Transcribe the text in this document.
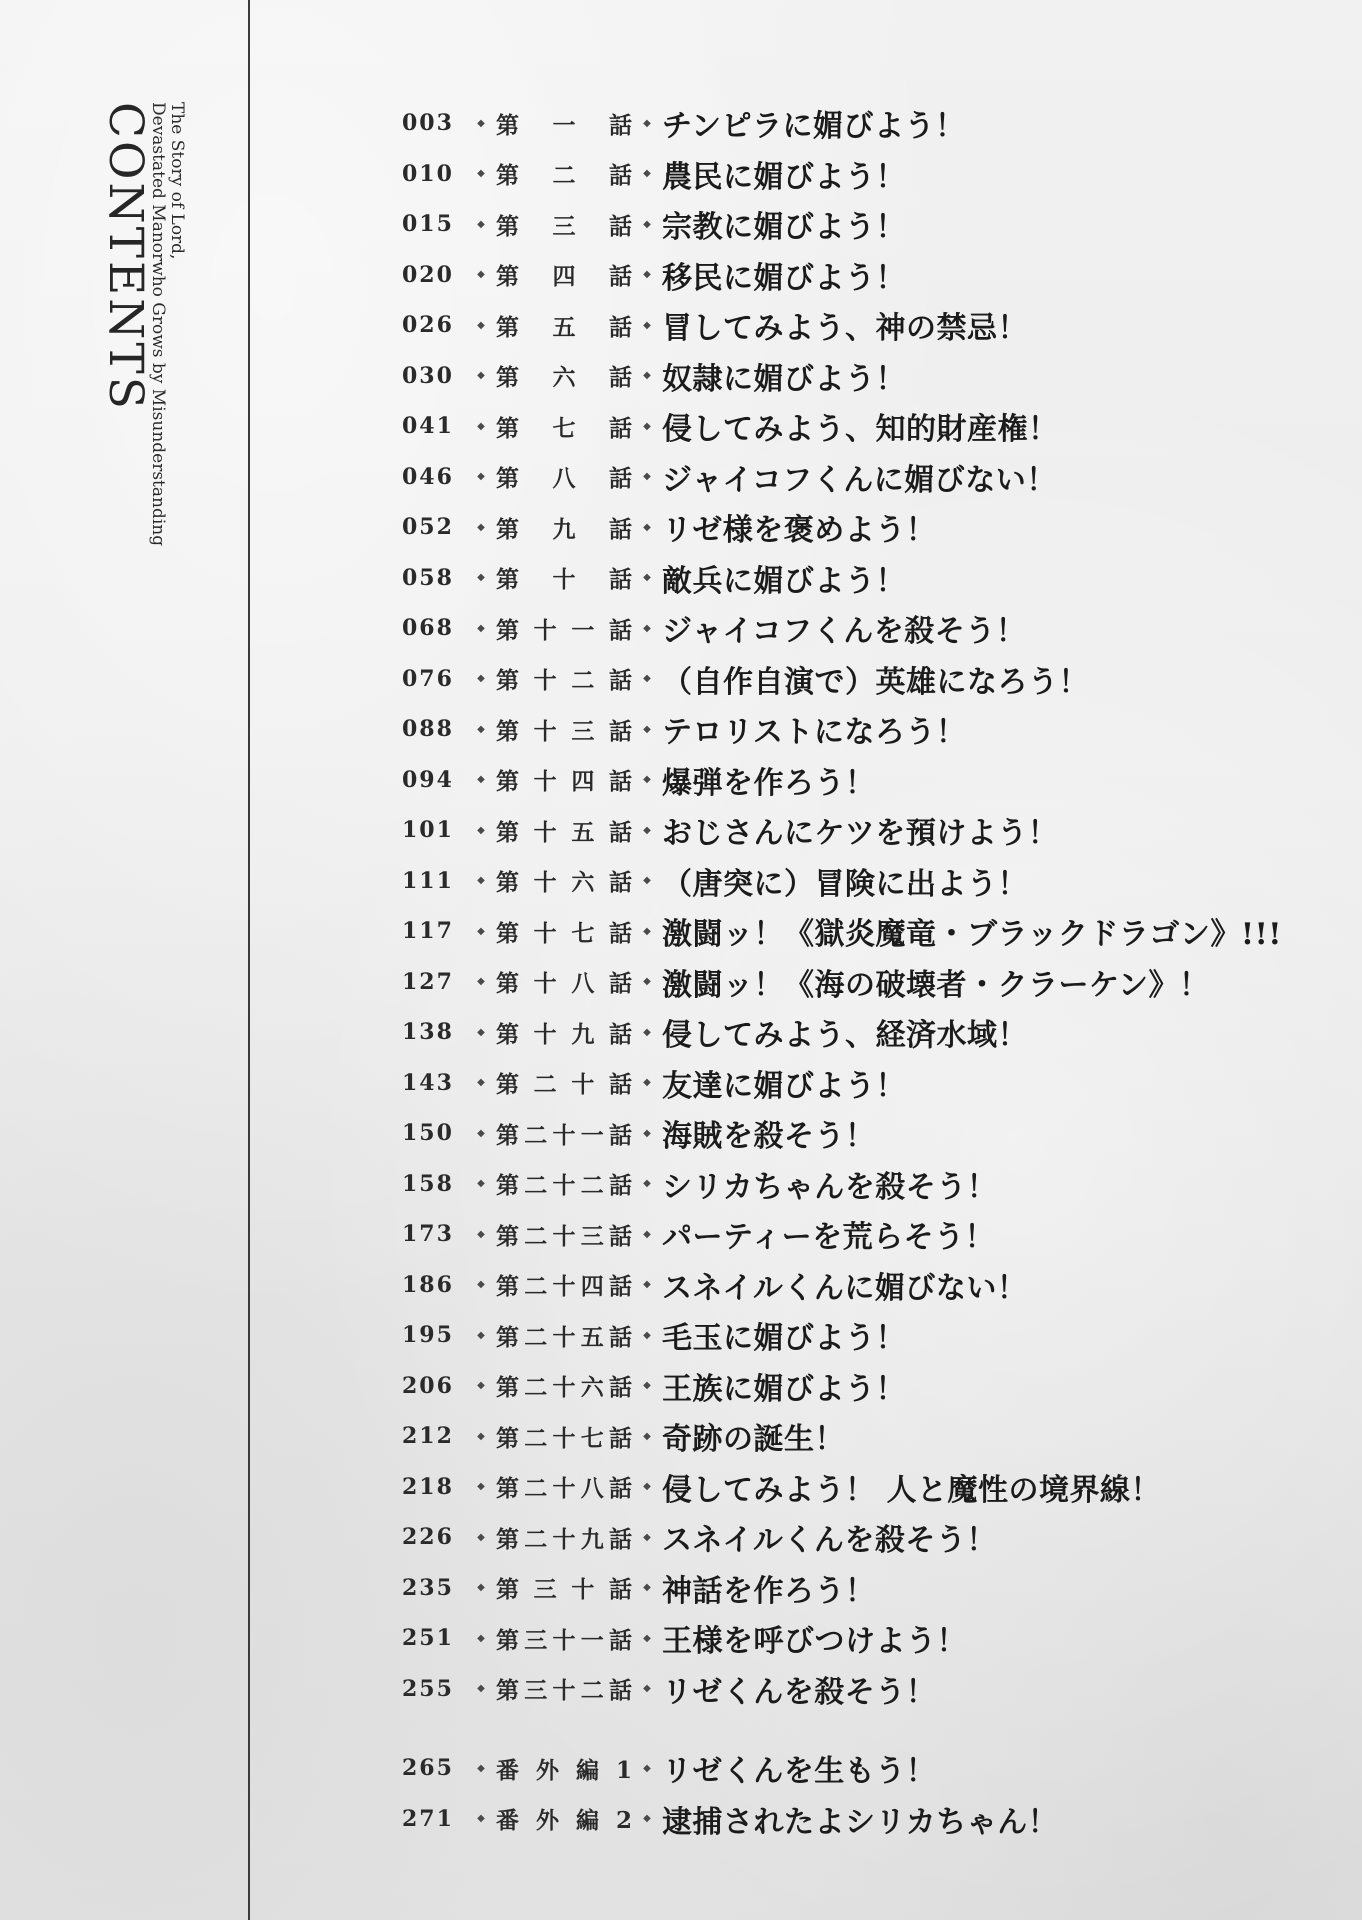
CONTENTS The Story of Lord,
Devastated Manorwho Grows by Misunderstanding	003	◆ 第 一 話	◆ チンピラに媚びよう！
010	◆ 第 二 話	◆ 農民に媚びよう！
015	◆ 第 三 話	◆ 宗教に媚びよう！
020	◆ 第 四 話	◆ 移民に媚びよう！
026	◆ 第 五 話	◆ 冒してみよう、神の禁忌！
030	◆ 第 六 話	◆ 奴隷に媚びよう！
041	◆ 第 七 話	◆ 侵してみよう、知的財産権！
046	◆ 第 八 話	◆ ジャイコフくんに媚びない！
052	◆ 第 九 話	◆ リゼ様を褒めよう！
058	◆ 第 十 話	◆ 敵兵に媚びよう！
068	◆ 第 十 一 話	◆ ジャイコフくんを殺そう！
076	◆ 第 十 二 話	◆ （自作自演で）英雄になろう！
088	◆ 第 十 三 話	◆ テロリストになろう！
094	◆ 第 十 四 話	◆ 爆弾を作ろう！
101	◆ 第 十 五 話	◆ おじさんにケツを預けよう！
111	◆ 第 十 六 話	◆ （唐突に）冒険に出よう！
117	◆ 第 十 七 話	◆ 激闘ッ！《獄炎魔竜・ブラックドラゴン》!!!
127	◆ 第 十 八 話	◆ 激闘ッ！《海の破壊者・クラーケン》！
138	◆ 第 十 九 話	◆ 侵してみよう、経済水域！
143	◆ 第 二 十 話	◆ 友達に媚びよう！
150	◆ 第二十一話	◆ 海賊を殺そう！
158	◆ 第二十二話	◆ シリカちゃんを殺そう！
173	◆ 第二十三話	◆ パーティーを荒らそう！
186	◆ 第二十四話	◆ スネイルくんに媚びない！
195	◆ 第二十五話	◆ 毛玉に媚びよう！
206	◆ 第二十六話	◆ 王族に媚びよう！
212	◆ 第二十七話	◆ 奇跡の誕生！
218	◆ 第二十八話	◆ 侵してみよう！ 人と魔性の境界線！
226	◆ 第二十九話	◆ スネイルくんを殺そう！
235	◆ 第 三 十 話	◆ 神話を作ろう！
251	◆ 第三十一話	◆ 王様を呼びつけよう！
255	◆ 第三十二話	◆ リゼくんを殺そう！
265	◆ 番 外 編 1	◆ リゼくんを生もう！
271	◆ 番 外 編 2	◆ 逮捕されたよシリカちゃん！
